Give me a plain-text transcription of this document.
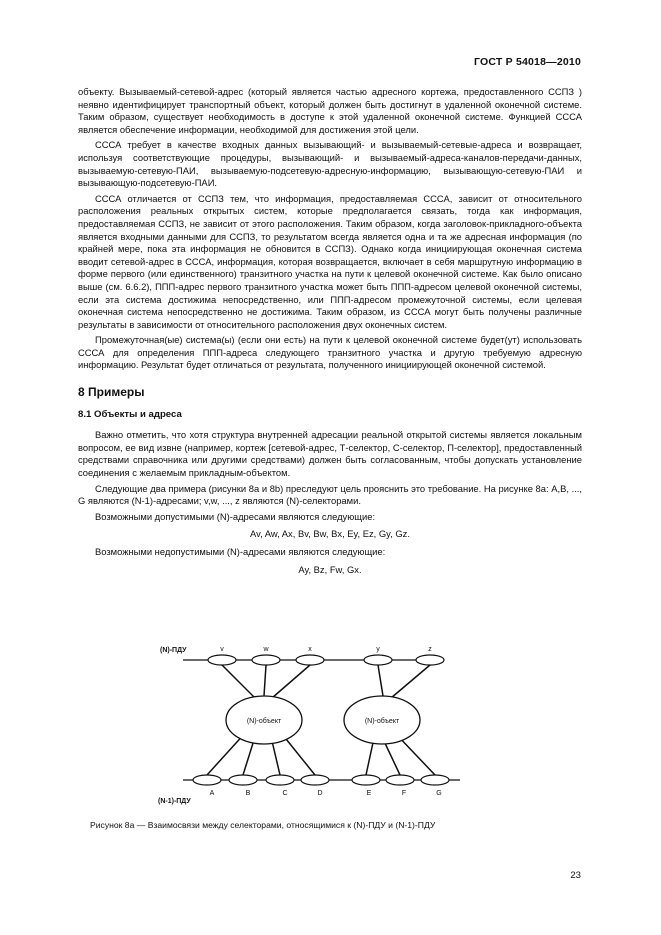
ГОСТ Р 54018—2010

объекту. Вызываемый-сетевой-адрес (который является частью адресного кортежа, предоставленного ССПЗ ) неявно идентифицирует транспортный объект, который должен быть достигнут в удаленной оконечной системе. Таким образом, существует необходимость в доступе к этой удаленной оконечной системе. Функцией СССА является обеспечение информации, необходимой для достижения этой цели.

СССА требует в качестве входных данных вызывающий- и вызываемый-сетевые-адреса и возвращает, используя соответствующие процедуры, вызывающий- и вызываемый-адреса-каналов-передачи-данных, вызываемую-сетевую-ПАИ, вызываемую-подсетевую-адресную-информацию, вызывающую-сетевую-ПАИ и вызывающую-подсетевую-ПАИ.

СССА отличается от ССПЗ тем, что информация, предоставляемая СССА, зависит от относительного расположения реальных открытых систем, которые предполагается связать, тогда как информация, предоставляемая ССПЗ, не зависит от этого расположения. Таким образом, когда заголовок-прикладного-объекта является входными данными для ССПЗ, то результатом всегда является одна и та же адресная информация (по крайней мере, пока эта информация не обновится в ССПЗ). Однако когда инициирующая оконечная система вводит сетевой-адрес в СССА, информация, которая возвращается, включает в себя маршрутную информацию в форме первого (или единственного) транзитного участка на пути к целевой оконечной системе. Как было описано выше (см. 6.6.2), ППП-адрес первого транзитного участка может быть ППП-адресом целевой оконечной системы, если эта система достижима непосредственно, или ППП-адресом промежуточной системы, если целевая оконечная система непосредственно не достижима. Таким образом, из СССА могут быть получены различные результаты в зависимости от относительного расположения двух оконечных систем.

Промежуточная(ые) система(ы) (если они есть) на пути к целевой оконечной системе будет(ут) использовать СССА для определения ППП-адреса следующего транзитного участка и другую требуемую адресную информацию. Результат будет отличаться от результата, полученного инициирующей оконечной системой.

8 Примеры
8.1 Объекты и адреса

Важно отметить, что хотя структура внутренней адресации реальной открытой системы является локальным вопросом, ее вид извне (например, кортеж [сетевой-адрес, Т-селектор, С-селектор, П-селектор], предоставленный средствами справочника или другими средствами) должен быть согласованным, чтобы допускать установление соединения с желаемым прикладным-объектом.

Следующие два примера (рисунки 8а и 8b) преследуют цель прояснить это требование. На рисунке 8а: A,B, ..., G являются (N-1)-адресами; v,w, ..., z являются (N)-селекторами.

Возможными допустимыми (N)-адресами являются следующие:

Av, Aw, Ax, Bv, Bw, Bx, Ey, Ez, Gy, Gz.

Возможными недопустимыми (N)-адресами являются следующие:

Ay, Bz, Fw, Gx.

(N)-ПДУ
(N-1)-ПДУ
(N)-объект	(N)-объект
v	w	x	y	z
A	B	C	D	E	F	G
Рисунок 8а — Взаимосвязи между селекторами, относящимися к (N)-ПДУ и (N-1)-ПДУ
23
